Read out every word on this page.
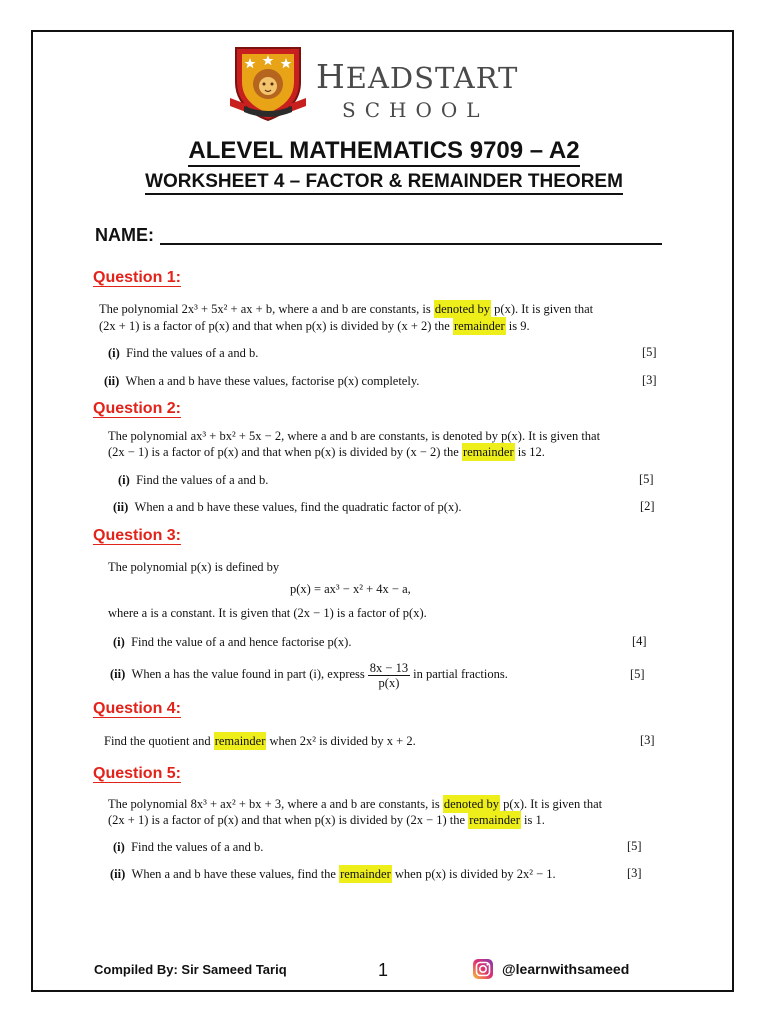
HEADSTART
SCHOOL
ALEVEL MATHEMATICS 9709 – A2
WORKSHEET 4 – FACTOR & REMAINDER THEOREM
NAME:
Question 1:
The polynomial 2x³ + 5x² + ax + b, where a and b are constants, is denoted by p(x). It is given that
(2x + 1) is a factor of p(x) and that when p(x) is divided by (x + 2) the remainder is 9.
(i) Find the values of a and b.	[5]
(ii) When a and b have these values, factorise p(x) completely.	[3]
Question 2:
The polynomial ax³ + bx² + 5x − 2, where a and b are constants, is denoted by p(x). It is given that
(2x − 1) is a factor of p(x) and that when p(x) is divided by (x − 2) the remainder is 12.
(i) Find the values of a and b.	[5]
(ii) When a and b have these values, find the quadratic factor of p(x).	[2]
Question 3:
The polynomial p(x) is defined by
p(x) = ax³ − x² + 4x − a,
where a is a constant. It is given that (2x − 1) is a factor of p(x).
(i) Find the value of a and hence factorise p(x).	[4]
(ii) When a has the value found in part (i), express $\frac{8x - 13}{p(x)}$ in partial fractions.	[5]
Question 4:
Find the quotient and remainder when 2x² is divided by x + 2.	[3]
Question 5:
The polynomial 8x³ + ax² + bx + 3, where a and b are constants, is denoted by p(x). It is given that
(2x + 1) is a factor of p(x) and that when p(x) is divided by (2x − 1) the remainder is 1.
(i) Find the values of a and b.	[5]
(ii) When a and b have these values, find the remainder when p(x) is divided by 2x² − 1.	[3]
Compiled By: Sir Sameed Tariq	1	@learnwithsameed
